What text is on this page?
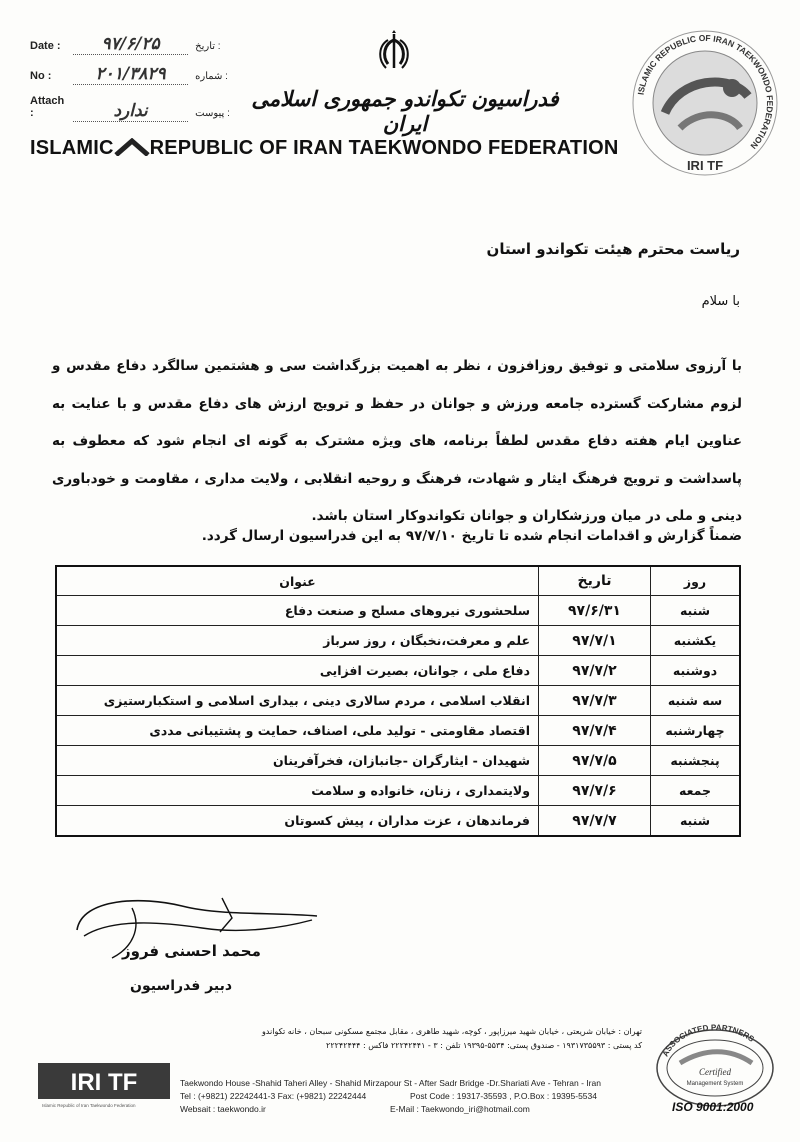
Date : ۹۷/۶/۲۵	تاریخ :
No :	۲۰۱/۳۸۲۹	شماره :
Attach :	ندارد	پیوست :
فدراسیون تکواندو جمهوری اسلامی ایران
ISLAMIC REPUBLIC OF IRAN TAEKWONDO FEDERATION
ISLAMIC REPUBLIC OF IRAN TAEKWONDO FEDERATION
IRI TF
ریاست محترم هیئت تکواندو استان
با سلام
با آرزوی سلامتی و توفیق روزافزون ، نظر به اهمیت بزرگداشت سی و هشتمین سالگرد دفاع مقدس و لزوم مشارکت گسترده جامعه ورزش و جوانان در حفظ و ترویج ارزش های دفاع مقدس و با عنایت به عناوین ایام هفته دفاع مقدس لطفاً برنامه، های ویژه مشترک به گونه ای انجام شود که معطوف به پاسداشت و ترویج فرهنگ ایثار و شهادت، فرهنگ و روحیه انقلابی ، ولایت مداری ، مقاومت و خودباوری دینی و ملی در میان ورزشکاران و جوانان تکواندوکار استان باشد.
ضمناً گزارش و اقدامات انجام شده تا تاریخ ۹۷/۷/۱۰ به این فدراسیون ارسال گردد.
روز	تاریخ	عنوان
شنبه	۹۷/۶/۳۱	سلحشوری نیروهای مسلح و صنعت دفاع
یکشنبه	۹۷/۷/۱	علم و معرفت،نخبگان ، روز سرباز
دوشنبه	۹۷/۷/۲	دفاع ملی ، جوانان، بصیرت افزایی
سه شنبه	۹۷/۷/۳	انقلاب اسلامی ، مردم سالاری دینی ، بیداری اسلامی و استکبارستیزی
چهارشنبه	۹۷/۷/۴	اقتصاد مقاومتی - تولید ملی، اصناف، حمایت و پشتیبانی مددی
پنجشنبه	۹۷/۷/۵	شهیدان - ایثارگران -جانبازان، فخرآفرینان
جمعه	۹۷/۷/۶	ولایتمداری ، زنان، خانواده و سلامت
شنبه	۹۷/۷/۷	فرماندهان ، عزت مداران ، پیش کسوتان
محمد احسنی فروز
دبیر فدراسیون
تهران : خیابان شریعتی ، خیابان شهید میرزاپور ، کوچه، شهید طاهری ، مقابل مجتمع مسکونی سبحان ، خانه تکواندو
کد پستی : ۱۹۳۱۷۳۵۵۹۳ - صندوق پستی: ۵۵۳۴-۱۹۳۹۵ تلفن : ۳ - ۲۲۲۴۲۴۴۱ فاکس : ۲۲۲۴۲۴۴۴
Taekwondo House -Shahid Taheri Alley - Shahid Mirzapour St - After Sadr Bridge -Dr.Shariati Ave - Tehran - Iran
Tel : (+9821) 22242441-3 Fax: (+9821) 22242444	Post Code : 19317-35593 , P.O.Box : 19395-5534
Websait : taekwondo.ir	E-Mail : Taekwondo_iri@hotmail.com
IRI TF
Islamic Republic of Iran Taekwondo Federation
ASSOCIATED PARTNERS
Certified
Management System
ISO 9001:2000
